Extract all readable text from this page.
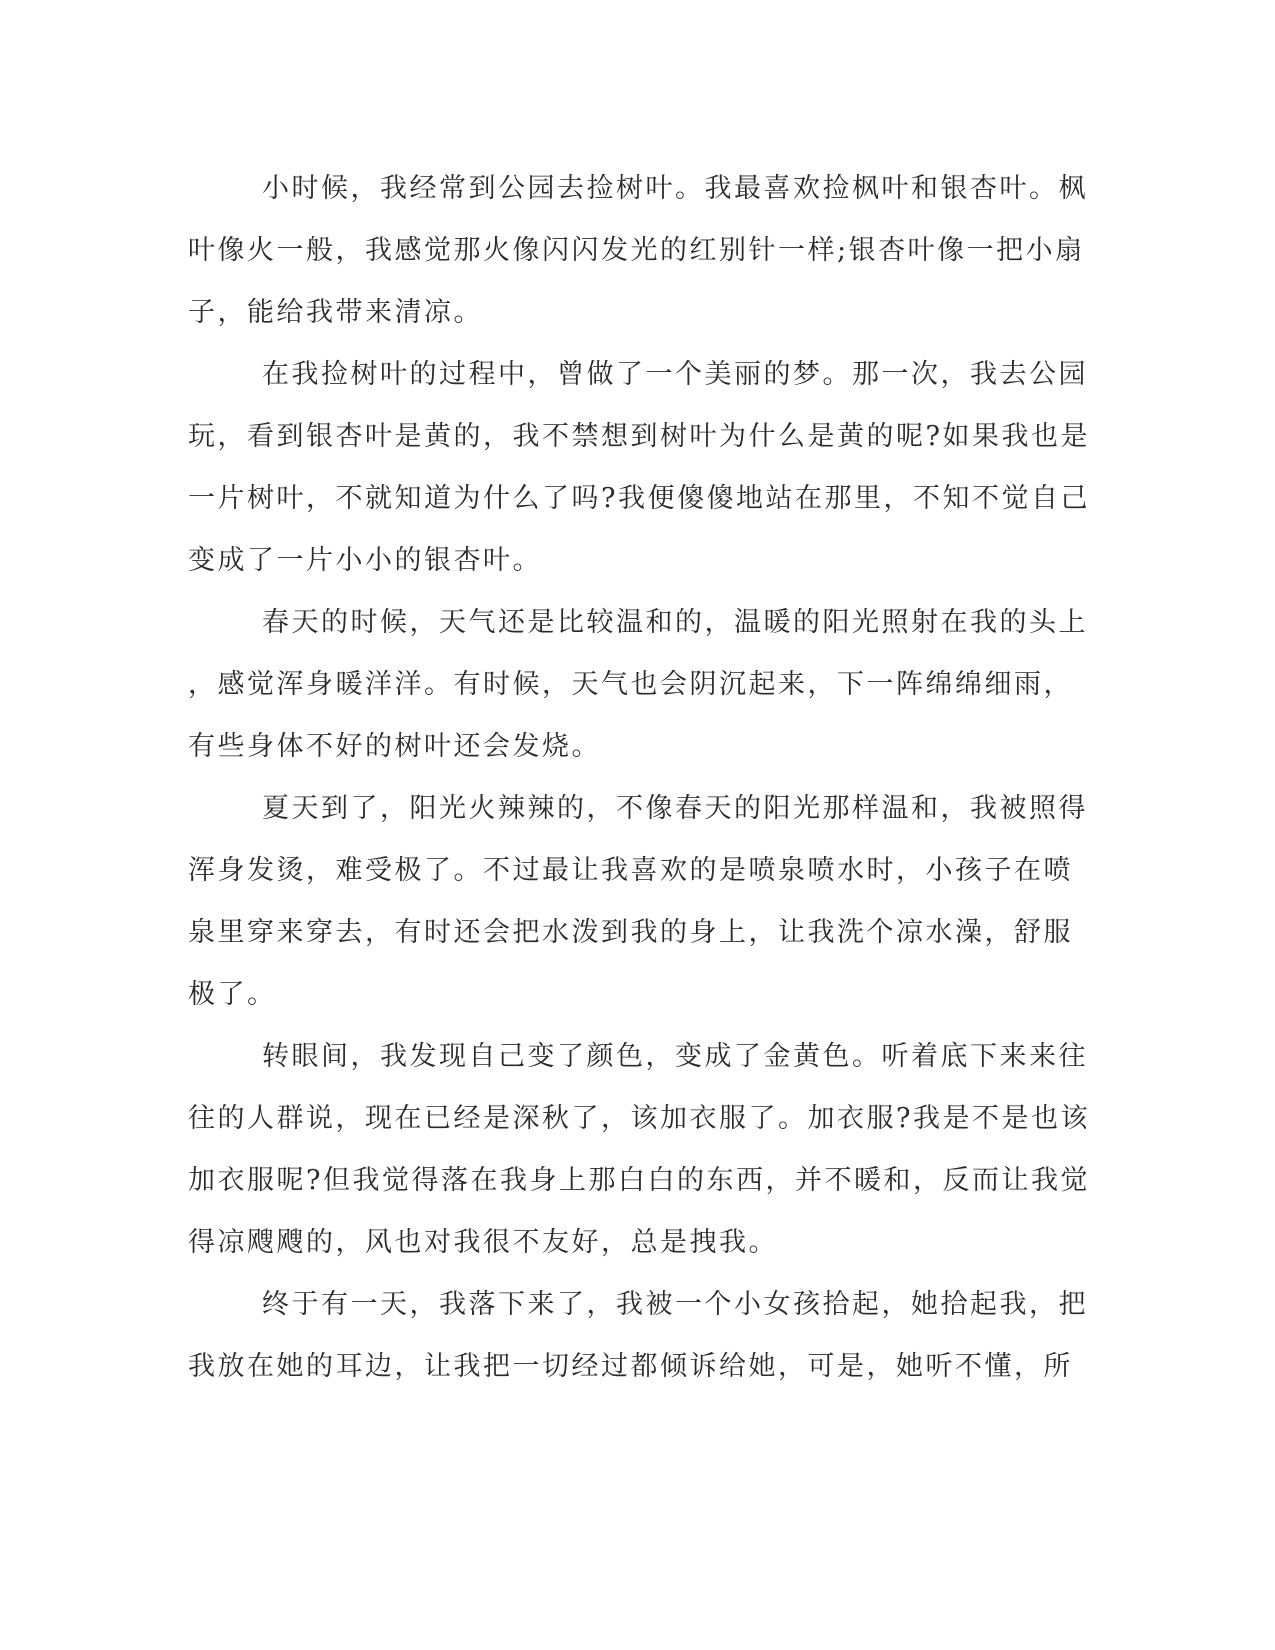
小时候，我经常到公园去捡树叶。我最喜欢捡枫叶和银杏叶。枫
叶像火一般，我感觉那火像闪闪发光的红别针一样;银杏叶像一把小扇
子，能给我带来清凉。
在我捡树叶的过程中，曾做了一个美丽的梦。那一次，我去公园
玩，看到银杏叶是黄的，我不禁想到树叶为什么是黄的呢?如果我也是
一片树叶，不就知道为什么了吗?我便傻傻地站在那里，不知不觉自己
变成了一片小小的银杏叶。
春天的时候，天气还是比较温和的，温暖的阳光照射在我的头上
，感觉浑身暖洋洋。有时候，天气也会阴沉起来，下一阵绵绵细雨，
有些身体不好的树叶还会发烧。
夏天到了，阳光火辣辣的，不像春天的阳光那样温和，我被照得
浑身发烫，难受极了。不过最让我喜欢的是喷泉喷水时，小孩子在喷
泉里穿来穿去，有时还会把水泼到我的身上，让我洗个凉水澡，舒服
极了。
转眼间，我发现自己变了颜色，变成了金黄色。听着底下来来往
往的人群说，现在已经是深秋了，该加衣服了。加衣服?我是不是也该
加衣服呢?但我觉得落在我身上那白白的东西，并不暖和，反而让我觉
得凉飕飕的，风也对我很不友好，总是拽我。
终于有一天，我落下来了，我被一个小女孩拾起，她拾起我，把
我放在她的耳边，让我把一切经过都倾诉给她，可是，她听不懂，所
